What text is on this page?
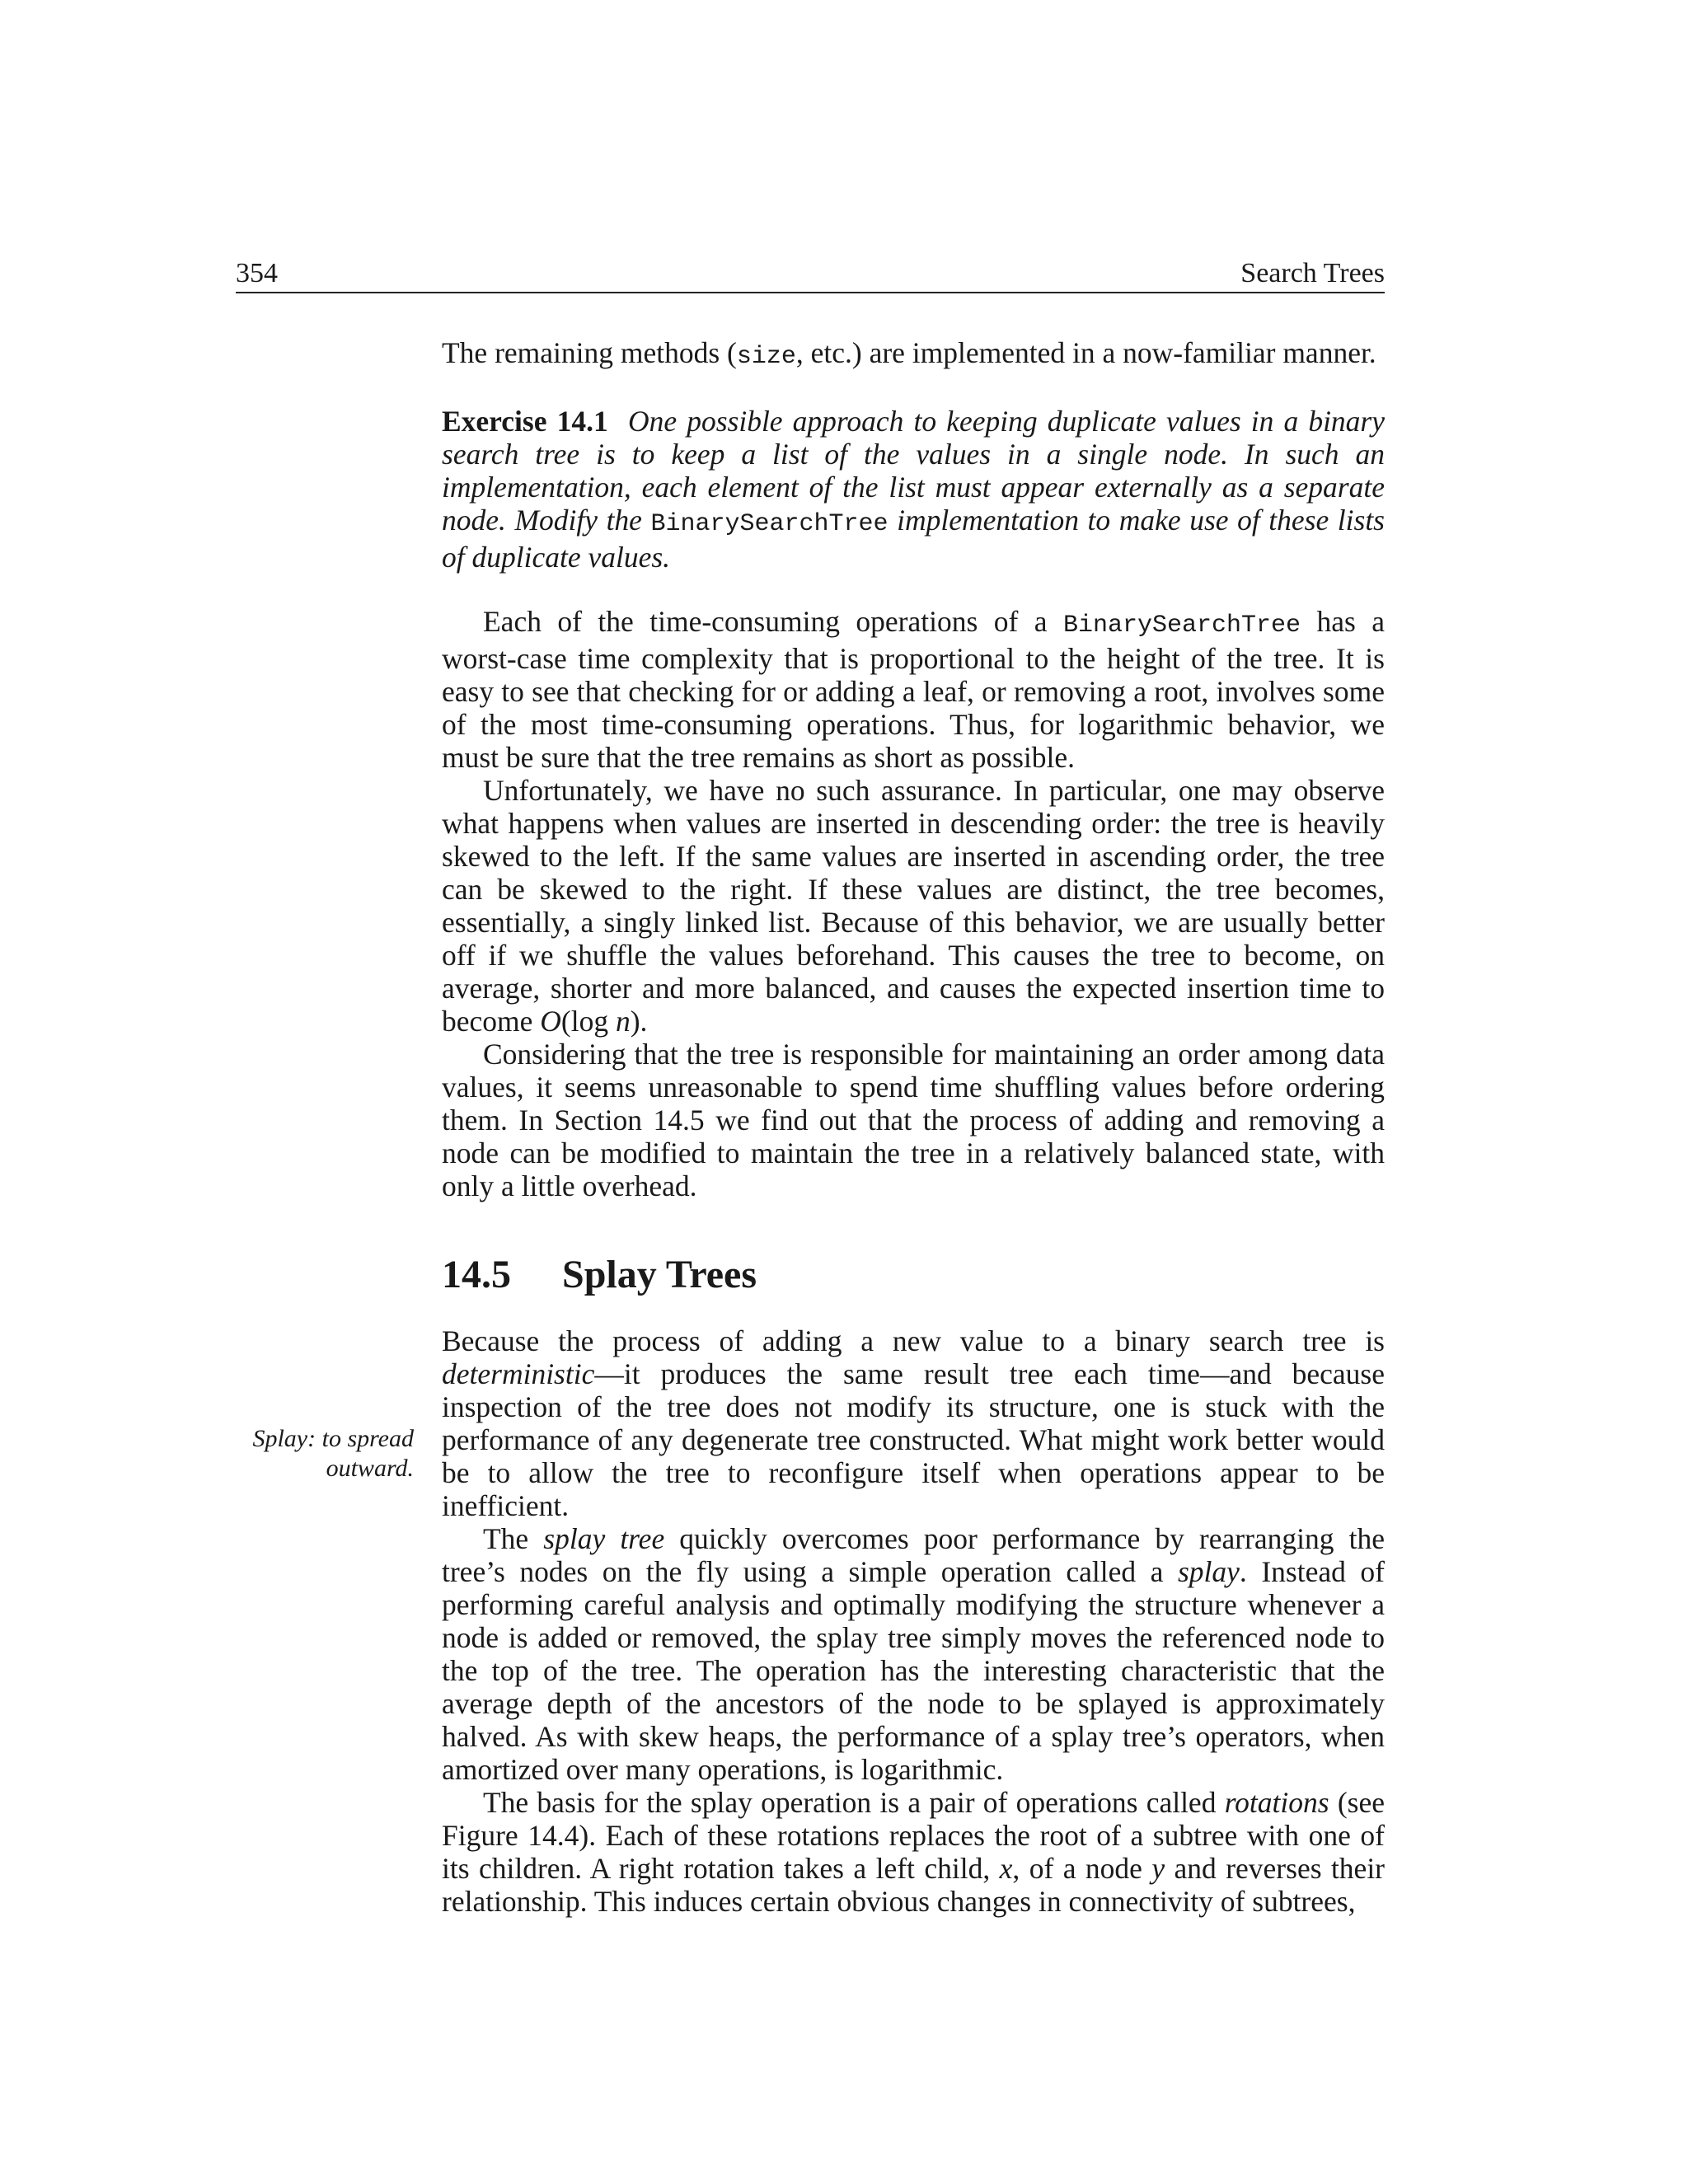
354	Search Trees
Splay: to spread
outward.

The remaining methods (size, etc.) are implemented in a now-familiar manner.

Exercise 14.1 One possible approach to keeping duplicate values in a binary search tree is to keep a list of the values in a single node. In such an implementation, each element of the list must appear externally as a separate node. Modify the BinarySearchTree implementation to make use of these lists of duplicate values.

Each of the time-consuming operations of a BinarySearchTree has a worst-case time complexity that is proportional to the height of the tree. It is easy to see that checking for or adding a leaf, or removing a root, involves some of the most time-consuming operations. Thus, for logarithmic behavior, we must be sure that the tree remains as short as possible.

Unfortunately, we have no such assurance. In particular, one may observe what happens when values are inserted in descending order: the tree is heavily skewed to the left. If the same values are inserted in ascending order, the tree can be skewed to the right. If these values are distinct, the tree becomes, essentially, a singly linked list. Because of this behavior, we are usually better off if we shuffle the values beforehand. This causes the tree to become, on average, shorter and more balanced, and causes the expected insertion time to become O(log n).

Considering that the tree is responsible for maintaining an order among data values, it seems unreasonable to spend time shuffling values before ordering them. In Section 14.5 we find out that the process of adding and removing a node can be modified to maintain the tree in a relatively balanced state, with only a little overhead.

14.5 Splay Trees

Because the process of adding a new value to a binary search tree is deterministic—it produces the same result tree each time—and because inspection of the tree does not modify its structure, one is stuck with the performance of any degenerate tree constructed. What might work better would be to allow the tree to reconfigure itself when operations appear to be inefficient.

The splay tree quickly overcomes poor performance by rearranging the tree’s nodes on the fly using a simple operation called a splay. Instead of performing careful analysis and optimally modifying the structure whenever a node is added or removed, the splay tree simply moves the referenced node to the top of the tree. The operation has the interesting characteristic that the average depth of the ancestors of the node to be splayed is approximately halved. As with skew heaps, the performance of a splay tree’s operators, when amortized over many operations, is logarithmic.

The basis for the splay operation is a pair of operations called rotations (see Figure 14.4). Each of these rotations replaces the root of a subtree with one of its children. A right rotation takes a left child, x, of a node y and reverses their relationship. This induces certain obvious changes in connectivity of subtrees,
